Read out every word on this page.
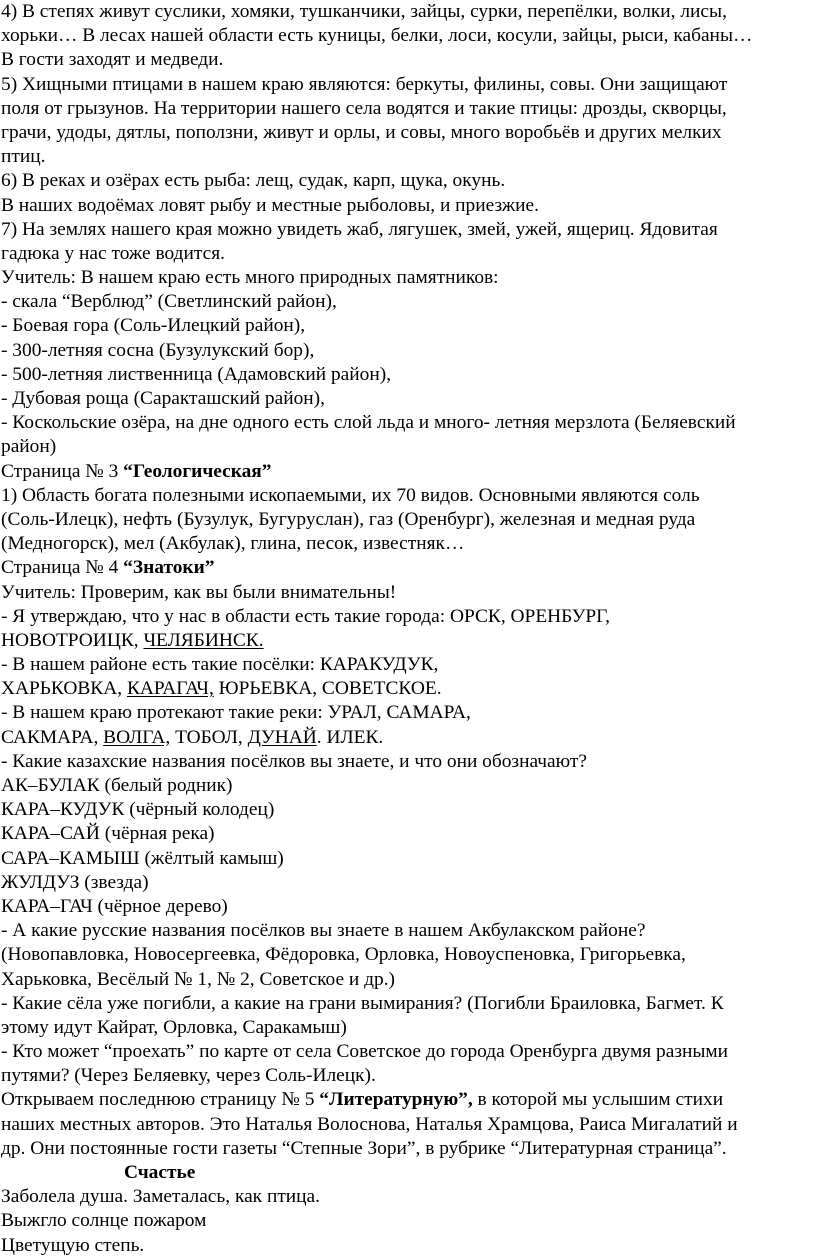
4) В степях живут суслики, хомяки, тушканчики, зайцы, сурки, перепёлки, волки, лисы,
хорьки… В лесах нашей области есть куницы, белки, лоси, косули, зайцы, рыси, кабаны…
В гости заходят и медведи.
5) Хищными птицами в нашем краю являются: беркуты, филины, совы. Они защищают
поля от грызунов. На территории нашего села водятся и такие птицы: дрозды, скворцы,
грачи, удоды, дятлы, поползни, живут и орлы, и совы, много воробьёв и других мелких
птиц.
6) В реках и озёрах есть рыба: лещ, судак, карп, щука, окунь.
В наших водоёмах ловят рыбу и местные рыболовы, и приезжие.
7) На землях нашего края можно увидеть жаб, лягушек, змей, ужей, ящериц. Ядовитая
гадюка у нас тоже водится.
Учитель: В нашем краю есть много природных памятников:
- скала “Верблюд” (Светлинский район),
- Боевая гора (Соль-Илецкий район),
- 300-летняя сосна (Бузулукский бор),
- 500-летняя лиственница (Адамовский район),
- Дубовая роща (Саракташский район),
- Коскольские озёра, на дне одного есть слой льда и много- летняя мерзлота (Беляевский
район)
Страница № 3 “Геологическая”
1) Область богата полезными ископаемыми, их 70 видов. Основными являются соль
(Соль-Илецк), нефть (Бузулук, Бугуруслан), газ (Оренбург), железная и медная руда
(Медногорск), мел (Акбулак), глина, песок, известняк…
Страница № 4 “Знатоки”
Учитель: Проверим, как вы были внимательны!
- Я утверждаю, что у нас в области есть такие города: ОРСК, ОРЕНБУРГ,
НОВОТРОИЦК, ЧЕЛЯБИНСК.
- В нашем районе есть такие посёлки: КАРАКУДУК,
ХАРЬКОВКА, КАРАГАЧ, ЮРЬЕВКА, СОВЕТСКОЕ.
- В нашем краю протекают такие реки: УРАЛ, САМАРА,
САКМАРА, ВОЛГА, ТОБОЛ, ДУНАЙ. ИЛЕК.
- Какие казахские названия посёлков вы знаете, и что они обозначают?
АК–БУЛАК (белый родник)
КАРА–КУДУК (чёрный колодец)
КАРА–САЙ (чёрная река)
САРА–КАМЫШ (жёлтый камыш)
ЖУЛДУЗ (звезда)
КАРА–ГАЧ (чёрное дерево)
- А какие русские названия посёлков вы знаете в нашем Акбулакском районе?
(Новопавловка, Новосергеевка, Фёдоровка, Орловка, Новоуспеновка, Григорьевка,
Харьковка, Весёлый № 1, № 2, Советское и др.)
- Какие сёла уже погибли, а какие на грани вымирания? (Погибли Браиловка, Багмет. К
этому идут Кайрат, Орловка, Саракамыш)
- Кто может “проехать” по карте от села Советское до города Оренбурга двумя разными
путями? (Через Беляевку, через Соль-Илецк).
Открываем последнюю страницу № 5 “Литературную”, в которой мы услышим стихи
наших местных авторов. Это Наталья Волоснова, Наталья Храмцова, Раиса Мигалатий и
др. Они постоянные гости газеты “Степные Зори”, в рубрике “Литературная страница”.
Счастье
Заболела душа. Заметалась, как птица.
Выжгло солнце пожаром
Цветущую степь.
